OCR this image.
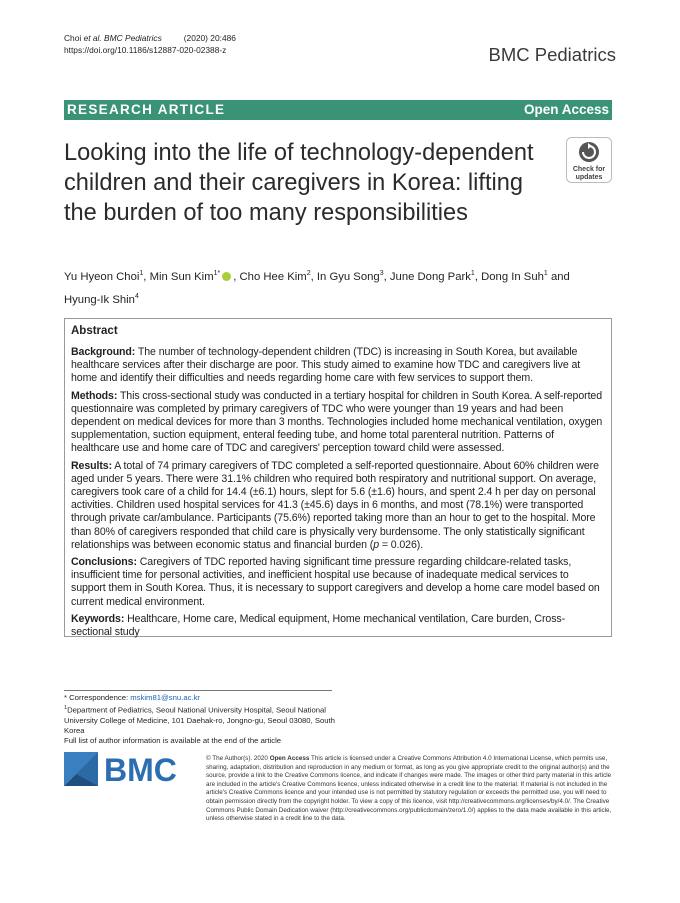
Choi et al. BMC Pediatrics	(2020) 20:486
https://doi.org/10.1186/s12887-020-02388-z	BMC Pediatrics
RESEARCH ARTICLE	Open Access
Looking into the life of technology-dependent children and their caregivers in Korea: lifting the burden of too many responsibilities
Check for
updates
Yu Hyeon Choi$^1$, Min Sun Kim$^{1*}$ , Cho Hee Kim$^2$, In Gyu Song$^3$, June Dong Park$^1$, Dong In Suh$^1$ and Hyung-Ik Shin$^4$
Abstract

Background: The number of technology-dependent children (TDC) is increasing in South Korea, but available healthcare services after their discharge are poor. This study aimed to examine how TDC and caregivers live at home and identify their difficulties and needs regarding home care with few services to support them.

Methods: This cross-sectional study was conducted in a tertiary hospital for children in South Korea. A self-reported questionnaire was completed by primary caregivers of TDC who were younger than 19 years and had been dependent on medical devices for more than 3 months. Technologies included home mechanical ventilation, oxygen supplementation, suction equipment, enteral feeding tube, and home total parenteral nutrition. Patterns of healthcare use and home care of TDC and caregivers' perception toward child were assessed.

Results: A total of 74 primary caregivers of TDC completed a self-reported questionnaire. About 60% children were aged under 5 years. There were 31.1% children who required both respiratory and nutritional support. On average, caregivers took care of a child for 14.4 (±6.1) hours, slept for 5.6 (±1.6) hours, and spent 2.4 h per day on personal activities. Children used hospital services for 41.3 (±45.6) days in 6 months, and most (78.1%) were transported through private car/ambulance. Participants (75.6%) reported taking more than an hour to get to the hospital. More than 80% of caregivers responded that child care is physically very burdensome. The only statistically significant relationships was between economic status and financial burden (p = 0.026).

Conclusions: Caregivers of TDC reported having significant time pressure regarding childcare-related tasks, insufficient time for personal activities, and inefficient hospital use because of inadequate medical services to support them in South Korea. Thus, it is necessary to support caregivers and develop a home care model based on current medical environment.

Keywords: Healthcare, Home care, Medical equipment, Home mechanical ventilation, Care burden, Cross-sectional study

* Correspondence: mskim81@snu.ac.kr
$^1$Department of Pediatrics, Seoul National University Hospital, Seoul National University College of Medicine, 101 Daehak-ro, Jongno-gu, Seoul 03080, South Korea
Full list of author information is available at the end of the article
BMC	© The Author(s). 2020 Open Access This article is licensed under a Creative Commons Attribution 4.0 International License, which permits use, sharing, adaptation, distribution and reproduction in any medium or format, as long as you give appropriate credit to the original author(s) and the source, provide a link to the Creative Commons licence, and indicate if changes were made. The images or other third party material in this article are included in the article's Creative Commons licence, unless indicated otherwise in a credit line to the material. If material is not included in the article's Creative Commons licence and your intended use is not permitted by statutory regulation or exceeds the permitted use, you will need to obtain permission directly from the copyright holder. To view a copy of this licence, visit http://creativecommons.org/licenses/by/4.0/. The Creative Commons Public Domain Dedication waiver (http://creativecommons.org/publicdomain/zero/1.0/) applies to the data made available in this article, unless otherwise stated in a credit line to the data.
